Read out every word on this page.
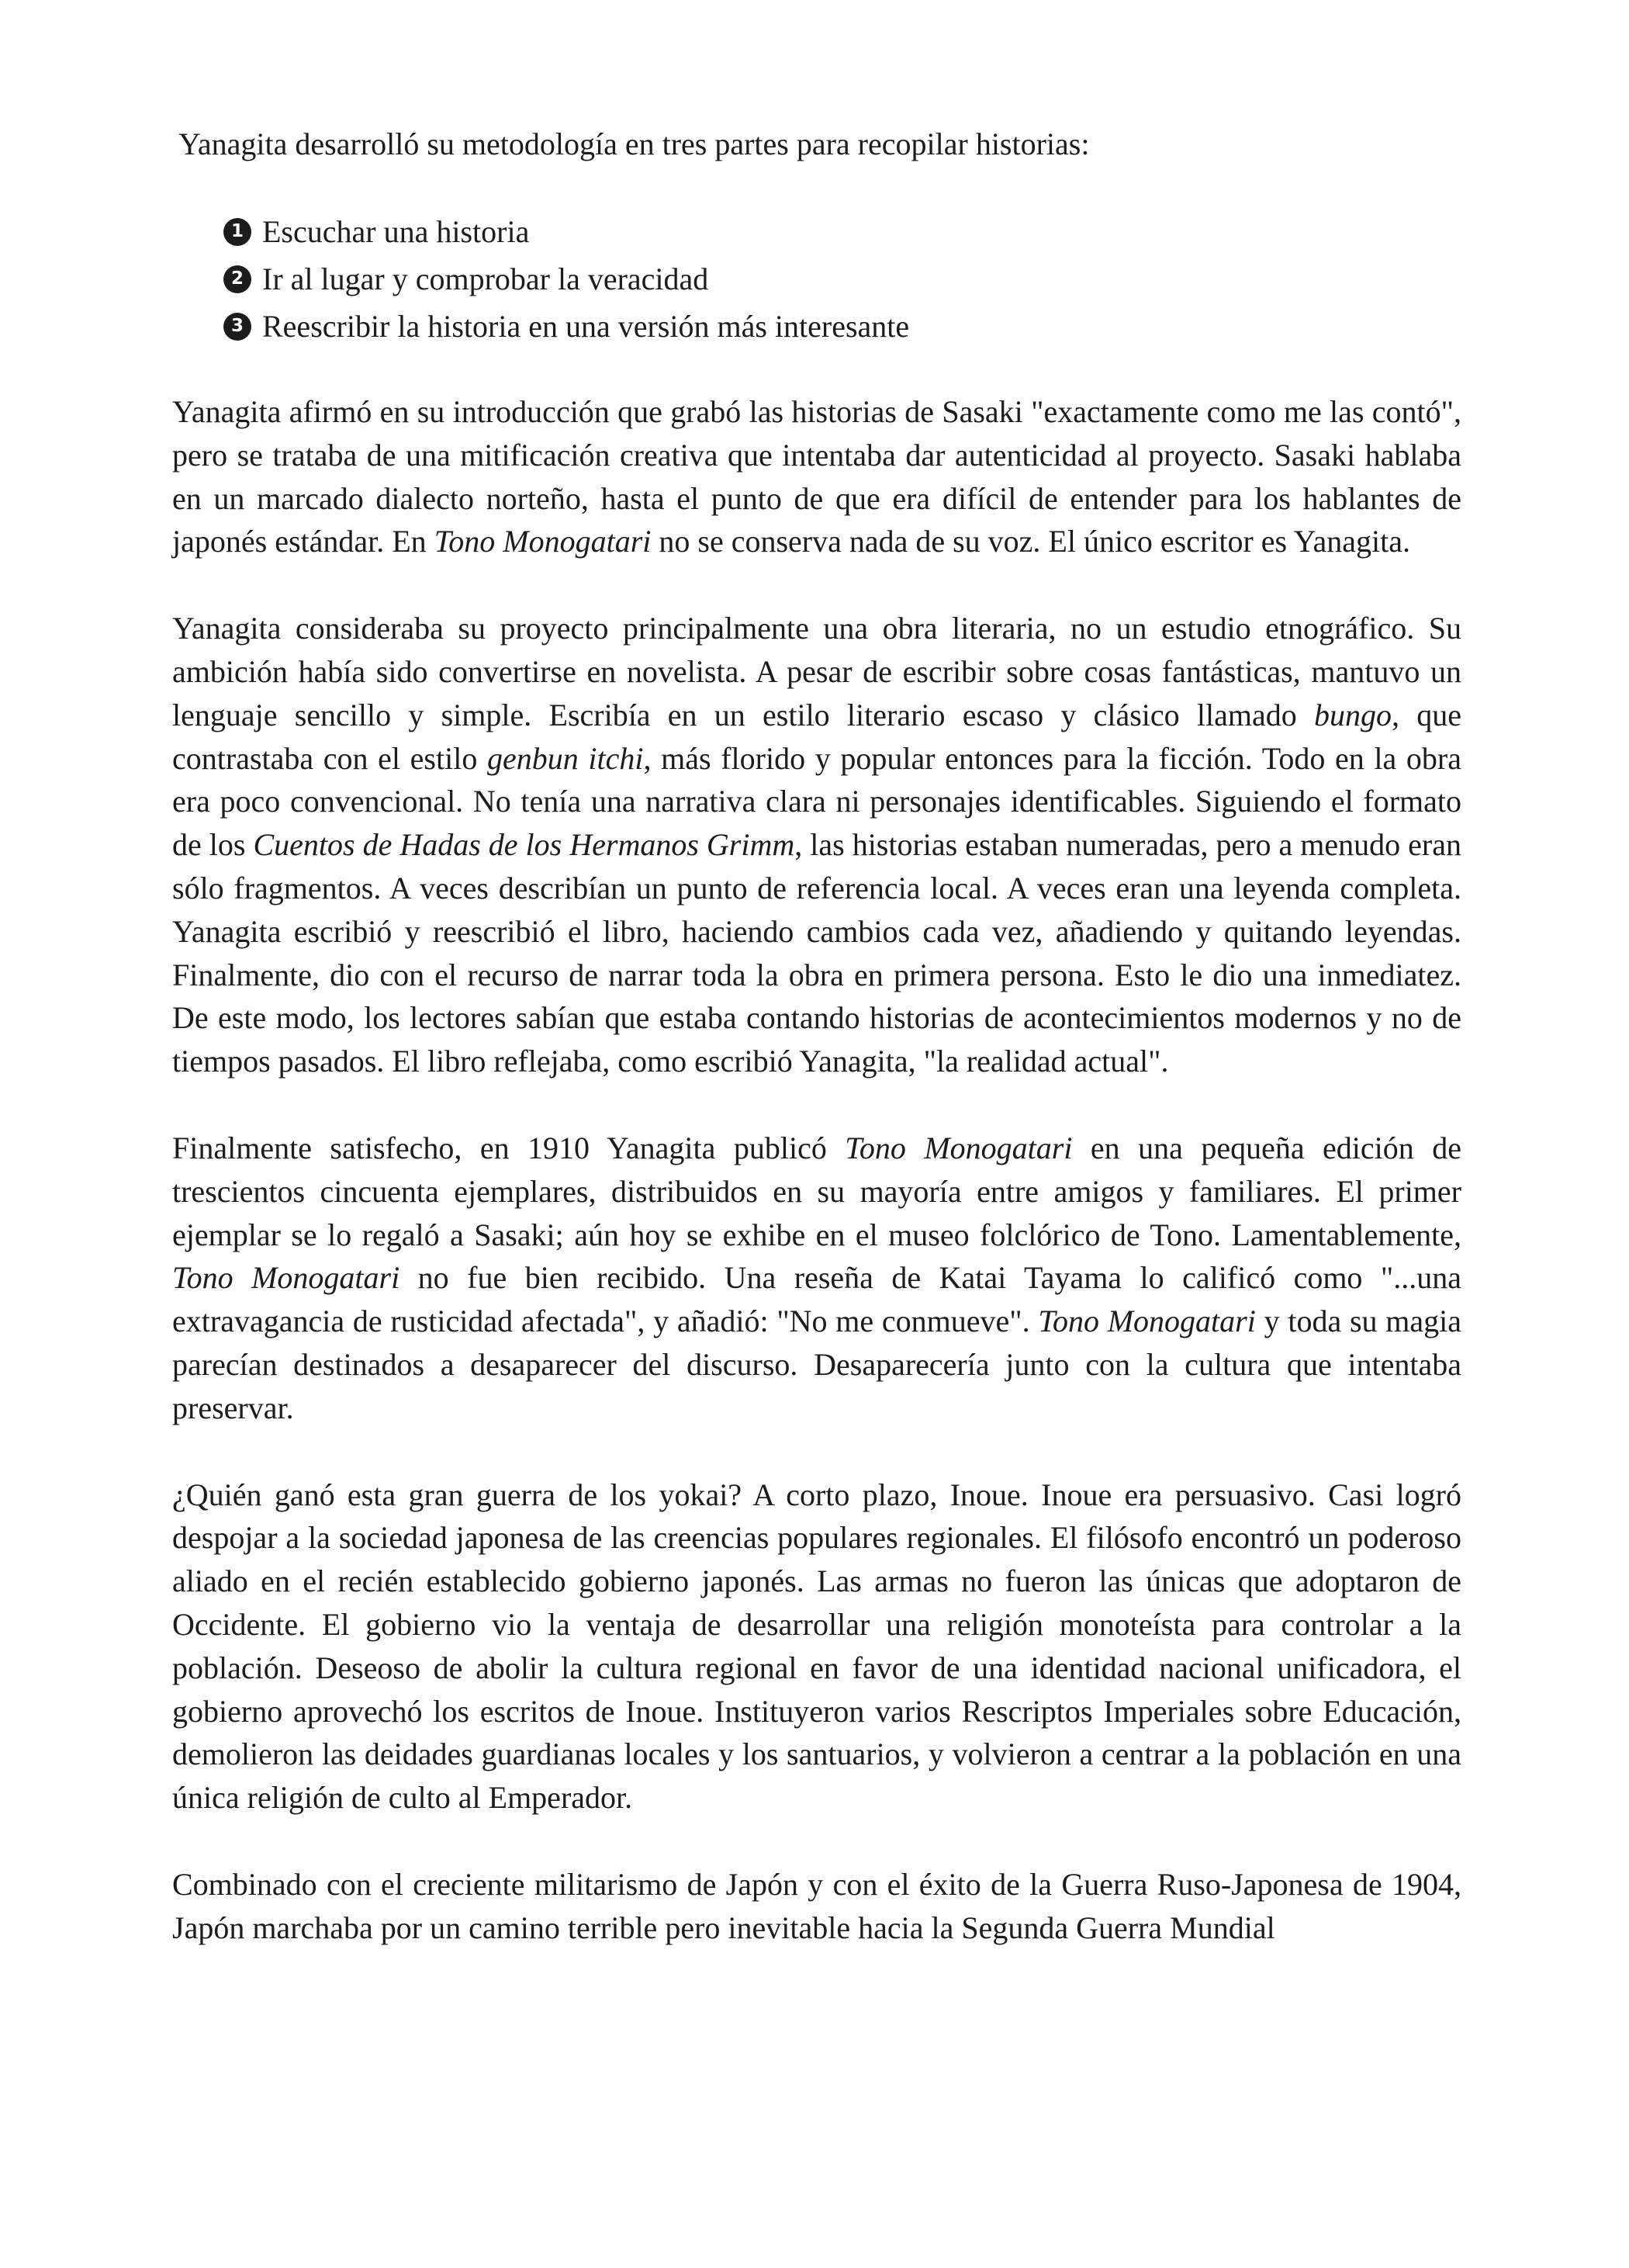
Yanagita desarrolló su metodología en tres partes para recopilar historias:

1 Escuchar una historia
2 Ir al lugar y comprobar la veracidad
3 Reescribir la historia en una versión más interesante

Yanagita afirmó en su introducción que grabó las historias de Sasaki "exactamente como me las contó", pero se trataba de una mitificación creativa que intentaba dar autenticidad al proyecto. Sasaki hablaba en un marcado dialecto norteño, hasta el punto de que era difícil de entender para los hablantes de japonés estándar. En Tono Monogatari no se conserva nada de su voz. El único escritor es Yanagita.

Yanagita consideraba su proyecto principalmente una obra literaria, no un estudio etnográfico. Su ambición había sido convertirse en novelista. A pesar de escribir sobre cosas fantásticas, mantuvo un lenguaje sencillo y simple. Escribía en un estilo literario escaso y clásico llamado bungo, que contrastaba con el estilo genbun itchi, más florido y popular entonces para la ficción. Todo en la obra era poco convencional. No tenía una narrativa clara ni personajes identificables. Siguiendo el formato de los Cuentos de Hadas de los Hermanos Grimm, las historias estaban numeradas, pero a menudo eran sólo fragmentos. A veces describían un punto de referencia local. A veces eran una leyenda completa. Yanagita escribió y reescribió el libro, haciendo cambios cada vez, añadiendo y quitando leyendas. Finalmente, dio con el recurso de narrar toda la obra en primera persona. Esto le dio una inmediatez. De este modo, los lectores sabían que estaba contando historias de acontecimientos modernos y no de tiempos pasados. El libro reflejaba, como escribió Yanagita, "la realidad actual".

Finalmente satisfecho, en 1910 Yanagita publicó Tono Monogatari en una pequeña edición de trescientos cincuenta ejemplares, distribuidos en su mayoría entre amigos y familiares. El primer ejemplar se lo regaló a Sasaki; aún hoy se exhibe en el museo folclórico de Tono. Lamentablemente, Tono Monogatari no fue bien recibido. Una reseña de Katai Tayama lo calificó como "...una extravagancia de rusticidad afectada", y añadió: "No me conmueve". Tono Monogatari y toda su magia parecían destinados a desaparecer del discurso. Desaparecería junto con la cultura que intentaba preservar.

¿Quién ganó esta gran guerra de los yokai? A corto plazo, Inoue. Inoue era persuasivo. Casi logró despojar a la sociedad japonesa de las creencias populares regionales. El filósofo encontró un poderoso aliado en el recién establecido gobierno japonés. Las armas no fueron las únicas que adoptaron de Occidente. El gobierno vio la ventaja de desarrollar una religión monoteísta para controlar a la población. Deseoso de abolir la cultura regional en favor de una identidad nacional unificadora, el gobierno aprovechó los escritos de Inoue. Instituyeron varios Rescriptos Imperiales sobre Educación, demolieron las deidades guardianas locales y los santuarios, y volvieron a centrar a la población en una única religión de culto al Emperador.

Combinado con el creciente militarismo de Japón y con el éxito de la Guerra Ruso-Japonesa de 1904, Japón marchaba por un camino terrible pero inevitable hacia la Segunda Guerra Mundial
